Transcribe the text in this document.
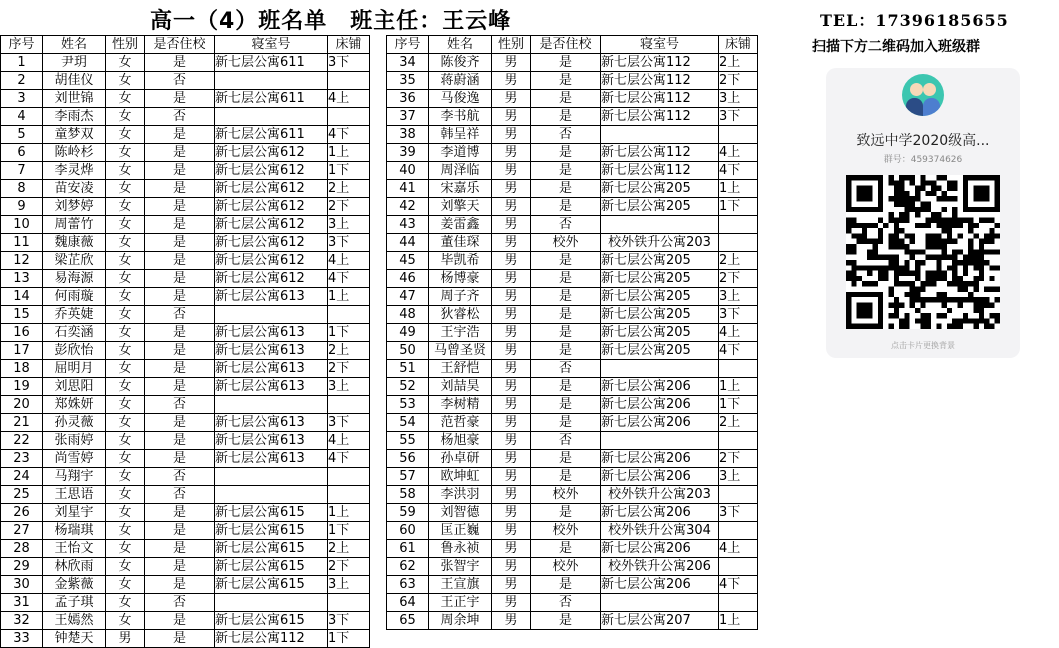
高一（4）班名单　班主任：王云峰
序号	姓名	性别	是否住校	寝室号	床铺
1	尹玥	女	是	新七层公寓611	3下
2	胡佳仪	女	否		
3	刘世锦	女	是	新七层公寓611	4上
4	李雨杰	女	否		
5	童梦双	女	是	新七层公寓611	4下
6	陈岭杉	女	是	新七层公寓612	1上
7	李灵烨	女	是	新七层公寓612	1下
8	苗安凌	女	是	新七层公寓612	2上
9	刘梦婷	女	是	新七层公寓612	2下
10	周蕾竹	女	是	新七层公寓612	3上
11	魏康薇	女	是	新七层公寓612	3下
12	梁芷欣	女	是	新七层公寓612	4上
13	易海源	女	是	新七层公寓612	4下
14	何雨璇	女	是	新七层公寓613	1上
15	乔英婕	女	否		
16	石奕涵	女	是	新七层公寓613	1下
17	彭欣怡	女	是	新七层公寓613	2上
18	屈明月	女	是	新七层公寓613	2下
19	刘思阳	女	是	新七层公寓613	3上
20	郑姝妍	女	否		
21	孙灵薇	女	是	新七层公寓613	3下
22	张雨婷	女	是	新七层公寓613	4上
23	尚雪婷	女	是	新七层公寓613	4下
24	马翔宇	女	否		
25	王思语	女	否		
26	刘星宇	女	是	新七层公寓615	1上
27	杨瑞琪	女	是	新七层公寓615	1下
28	王怡文	女	是	新七层公寓615	2上
29	林欣雨	女	是	新七层公寓615	2下
30	金紫薇	女	是	新七层公寓615	3上
31	孟子琪	女	否		
32	王嫣然	女	是	新七层公寓615	3下
33	钟楚天	男	是	新七层公寓112	1下
序号	姓名	性别	是否住校	寝室号	床铺
34	陈俊齐	男	是	新七层公寓112	2上
35	蒋蔚涵	男	是	新七层公寓112	2下
36	马俊逸	男	是	新七层公寓112	3上
37	李书航	男	是	新七层公寓112	3下
38	韩呈祥	男	否		
39	李道博	男	是	新七层公寓112	4上
40	周泽临	男	是	新七层公寓112	4下
41	宋嘉乐	男	是	新七层公寓205	1上
42	刘擎天	男	是	新七层公寓205	1下
43	姜雷鑫	男	否		
44	董佳琛	男	校外	校外铁升公寓203	
45	毕凯希	男	是	新七层公寓205	2上
46	杨博豪	男	是	新七层公寓205	2下
47	周子齐	男	是	新七层公寓205	3上
48	狄睿松	男	是	新七层公寓205	3下
49	王宇浩	男	是	新七层公寓205	4上
50	马曾圣贤	男	是	新七层公寓205	4下
51	王舒恺	男	否		
52	刘喆昊	男	是	新七层公寓206	1上
53	李树精	男	是	新七层公寓206	1下
54	范哲豪	男	是	新七层公寓206	2上
55	杨旭豪	男	否		
56	孙卓研	男	是	新七层公寓206	2下
57	欧坤虹	男	是	新七层公寓206	3上
58	李洪羽	男	校外	校外铁升公寓203	
59	刘智德	男	是	新七层公寓206	3下
60	匡正巍	男	校外	校外铁升公寓304	
61	鲁永祯	男	是	新七层公寓206	4上
62	张智宇	男	校外	校外铁升公寓206	
63	王宣旗	男	是	新七层公寓206	4下
64	王正宇	男	否		
65	周余坤	男	是	新七层公寓207	1上
TEL：17396185655
扫描下方二维码加入班级群
致远中学2020级高...
群号：459374626
点击卡片更换背景
